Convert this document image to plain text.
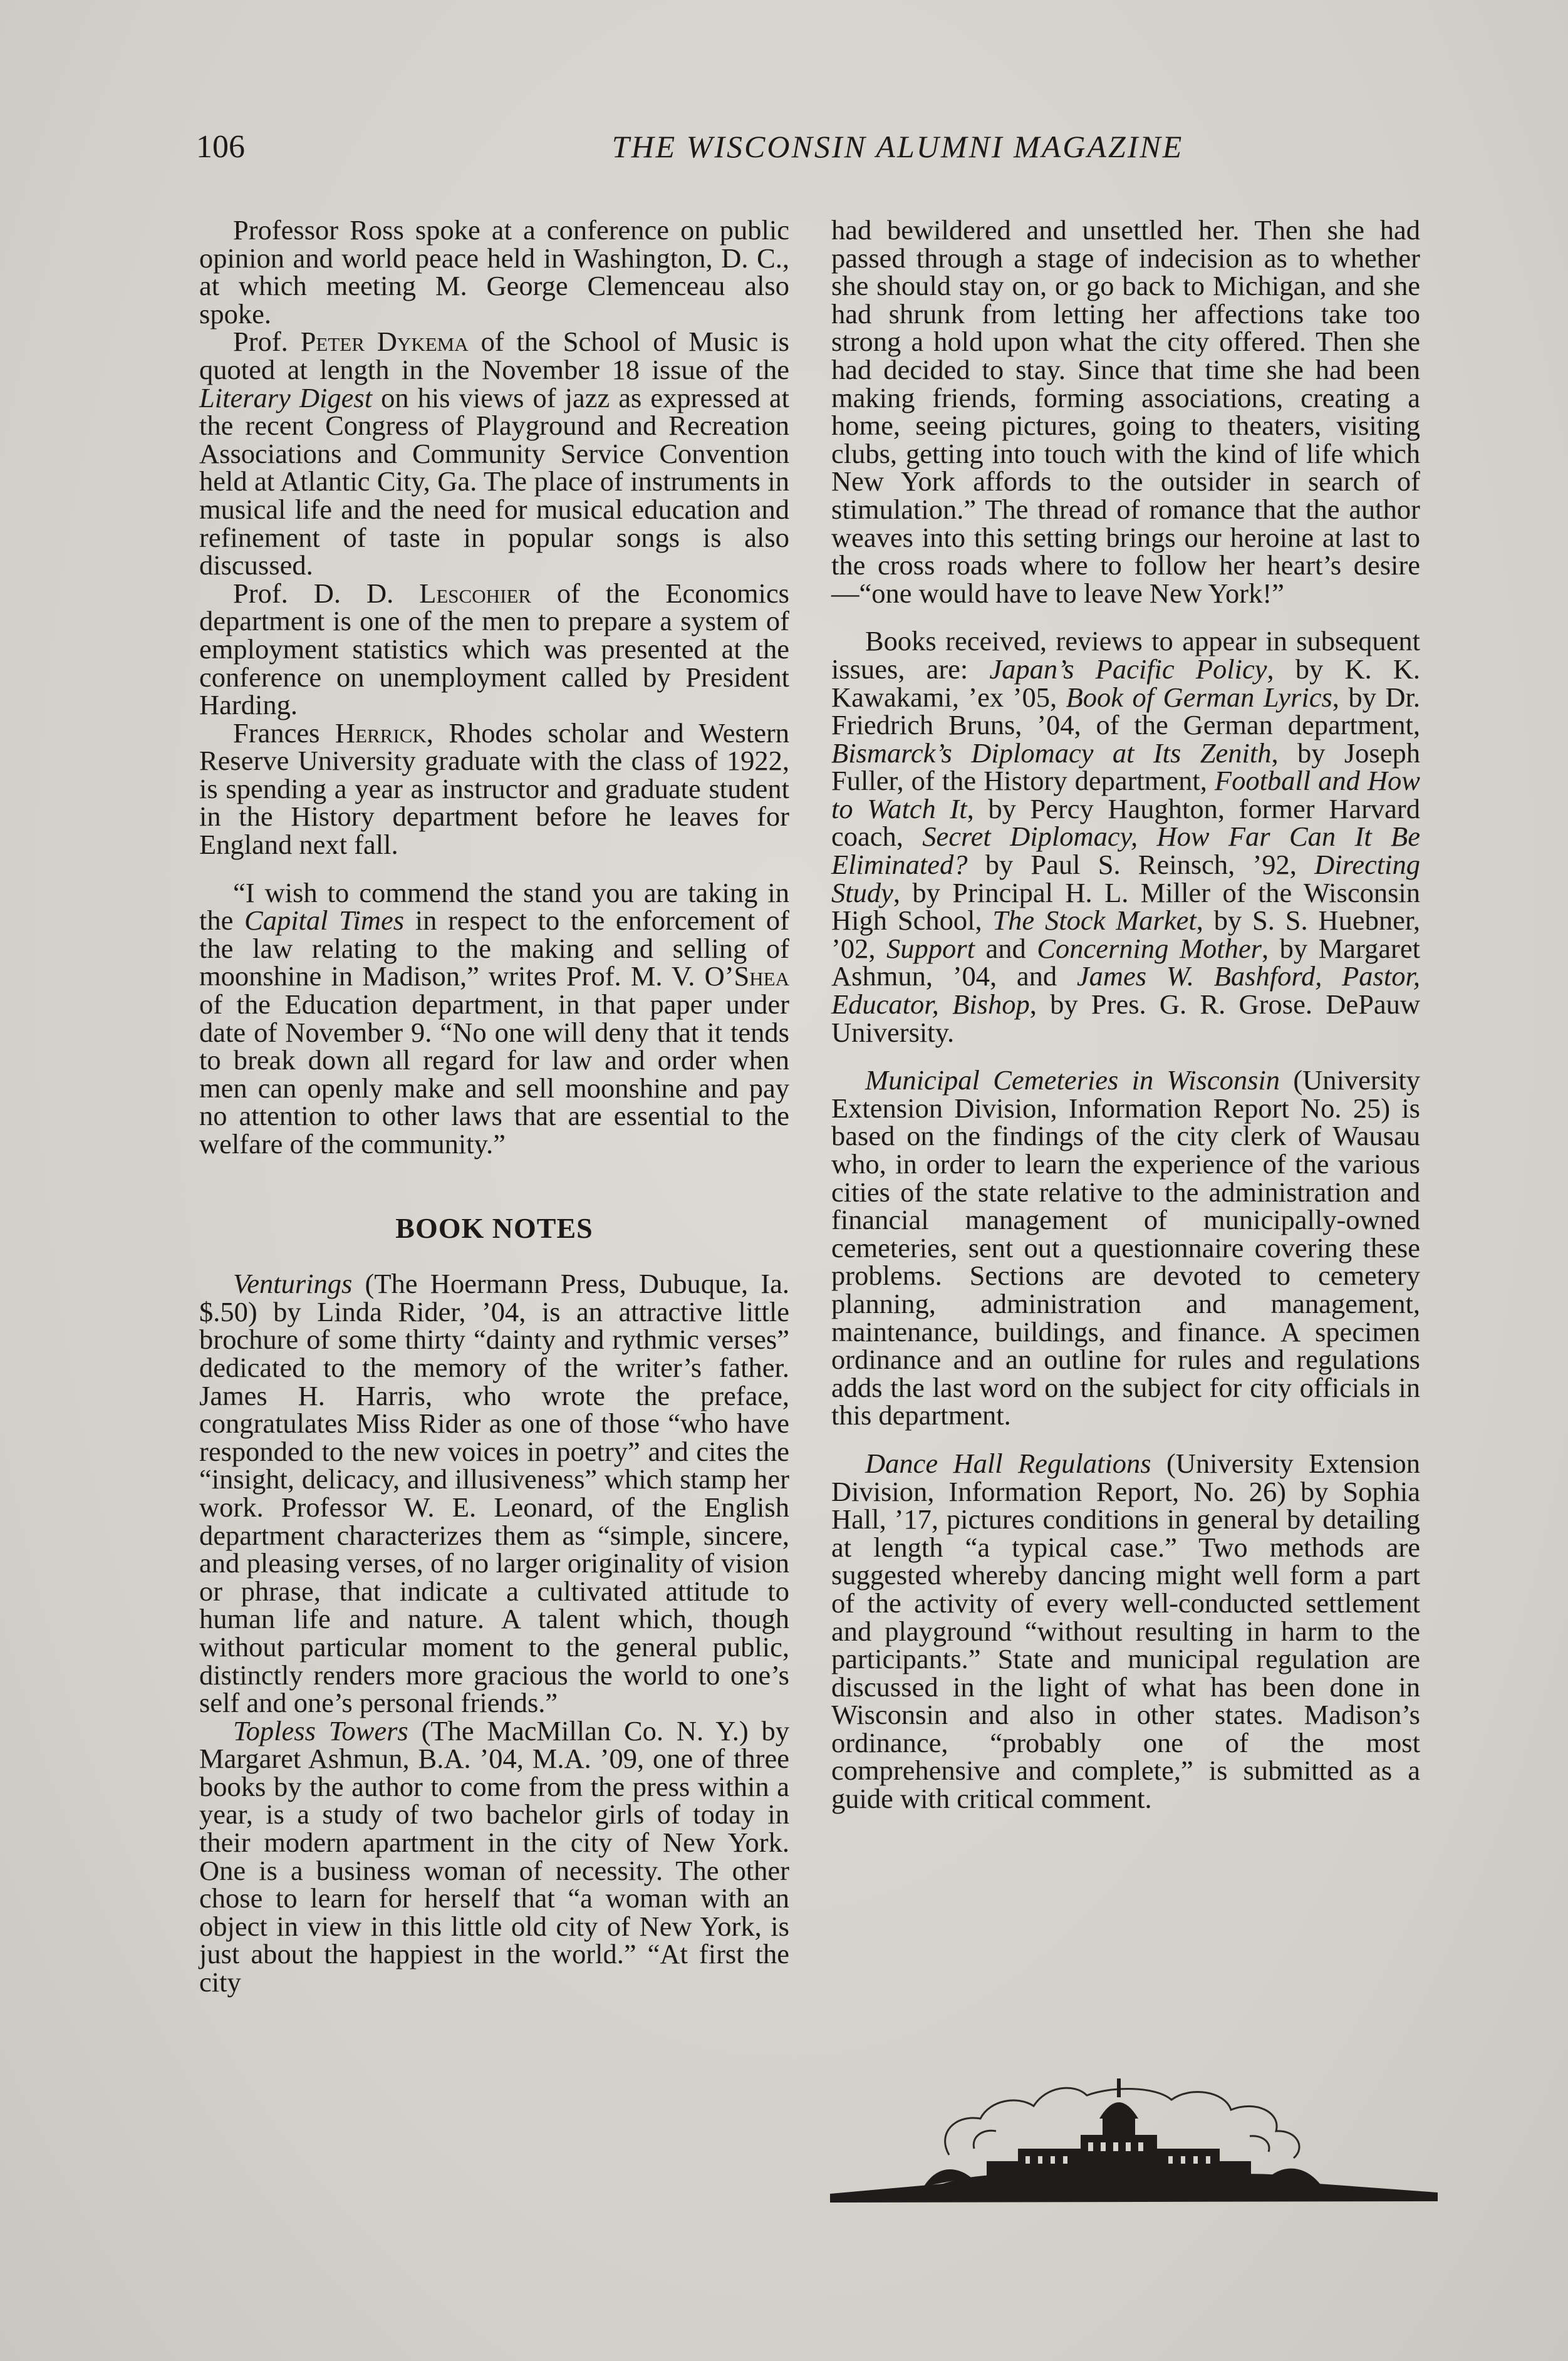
106	THE WISCONSIN ALUMNI MAGAZINE

Professor Ross spoke at a conference on public opinion and world peace held in Washington, D. C., at which meeting M. George Clemenceau also spoke.

Prof. Peter Dykema of the School of Music is quoted at length in the November 18 issue of the Literary Digest on his views of jazz as expressed at the recent Congress of Playground and Recreation Associations and Community Service Convention held at Atlantic City, Ga. The place of instruments in musical life and the need for musical education and refinement of taste in popular songs is also discussed.

Prof. D. D. Lescohier of the Economics department is one of the men to prepare a system of employment statistics which was presented at the conference on unemployment called by President Harding.

Frances Herrick, Rhodes scholar and Western Reserve University graduate with the class of 1922, is spending a year as instructor and graduate student in the History department before he leaves for England next fall.

“I wish to commend the stand you are taking in the Capital Times in respect to the enforcement of the law relating to the making and selling of moonshine in Madison,” writes Prof. M. V. O’Shea of the Education department, in that paper under date of November 9. “No one will deny that it tends to break down all regard for law and order when men can openly make and sell moonshine and pay no attention to other laws that are essential to the welfare of the community.”

BOOK NOTES

Venturings (The Hoermann Press, Dubuque, Ia. $.50) by Linda Rider, ’04, is an attractive little brochure of some thirty “dainty and rythmic verses” dedicated to the memory of the writer’s father. James H. Harris, who wrote the preface, congratulates Miss Rider as one of those “who have responded to the new voices in poetry” and cites the “insight, delicacy, and illusiveness” which stamp her work. Professor W. E. Leonard, of the English department characterizes them as “simple, sincere, and pleasing verses, of no larger originality of vision or phrase, that indicate a cultivated attitude to human life and nature. A talent which, though without particular moment to the general public, distinctly renders more gracious the world to one’s self and one’s personal friends.”

Topless Towers (The MacMillan Co. N. Y.) by Margaret Ashmun, B.A. ’04, M.A. ’09, one of three books by the author to come from the press within a year, is a study of two bachelor girls of today in their modern apartment in the city of New York. One is a business woman of necessity. The other chose to learn for herself that “a woman with an object in view in this little old city of New York, is just about the happiest in the world.” “At first the city

had bewildered and unsettled her. Then she had passed through a stage of indecision as to whether she should stay on, or go back to Michigan, and she had shrunk from letting her affections take too strong a hold upon what the city offered. Then she had decided to stay. Since that time she had been making friends, forming associations, creating a home, seeing pictures, going to theaters, visiting clubs, getting into touch with the kind of life which New York affords to the outsider in search of stimulation.” The thread of romance that the author weaves into this setting brings our heroine at last to the cross roads where to follow her heart’s desire—“one would have to leave New York!”

Books received, reviews to appear in subsequent issues, are: Japan’s Pacific Policy, by K. K. Kawakami, ’ex ’05, Book of German Lyrics, by Dr. Friedrich Bruns, ’04, of the German department, Bismarck’s Diplomacy at Its Zenith, by Joseph Fuller, of the History department, Football and How to Watch It, by Percy Haughton, former Harvard coach, Secret Diplomacy, How Far Can It Be Eliminated? by Paul S. Reinsch, ’92, Directing Study, by Principal H. L. Miller of the Wisconsin High School, The Stock Market, by S. S. Huebner, ’02, Support and Concerning Mother, by Margaret Ashmun, ’04, and James W. Bashford, Pastor, Educator, Bishop, by Pres. G. R. Grose. DePauw University.

Municipal Cemeteries in Wisconsin (University Extension Division, Information Report No. 25) is based on the findings of the city clerk of Wausau who, in order to learn the experience of the various cities of the state relative to the administration and financial management of municipally-owned cemeteries, sent out a questionnaire covering these problems. Sections are devoted to cemetery planning, administration and management, maintenance, buildings, and finance. A specimen ordinance and an outline for rules and regulations adds the last word on the subject for city officials in this department.

Dance Hall Regulations (University Extension Division, Information Report, No. 26) by Sophia Hall, ’17, pictures conditions in general by detailing at length “a typical case.” Two methods are suggested whereby dancing might well form a part of the activity of every well-conducted settlement and playground “without resulting in harm to the participants.” State and municipal regulation are discussed in the light of what has been done in Wisconsin and also in other states. Madison’s ordinance, “probably one of the most comprehensive and complete,” is submitted as a guide with critical comment.
